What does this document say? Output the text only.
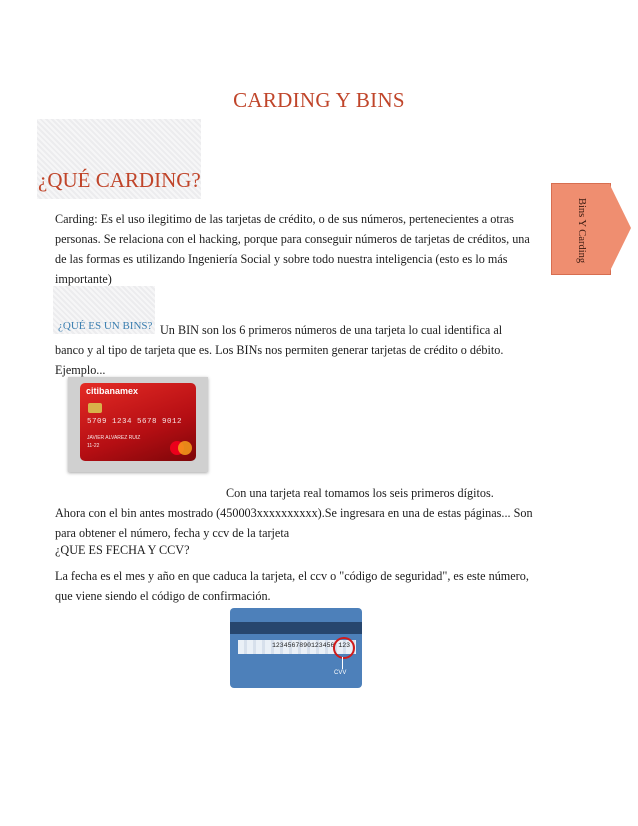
CARDING Y BINS
¿QUÉ CARDING?
Bins Y Carding
Carding: Es el uso ilegitimo de las tarjetas de crédito, o de sus números, pertenecientes a otras personas. Se relaciona con el hacking, porque para conseguir números de tarjetas de créditos, una de las formas es utilizando Ingeniería Social y sobre todo nuestra inteligencia (esto es lo más importante)
¿QUÉ ES UN BINS? Un BIN son los 6 primeros números de una tarjeta lo cual identifica al
banco y al tipo de tarjeta que es. Los BINs nos permiten generar tarjetas de crédito o débito. Ejemplo...
citibanamex
5709 1234 5678 9012
JAVIER ALVAREZ RUIZ
11-22
Con una tarjeta real tomamos los seis primeros dígitos.
Ahora con el bin antes mostrado (450003xxxxxxxxxx).Se ingresara en una de estas páginas... Son para obtener el número, fecha y ccv de la tarjeta
¿QUE ES FECHA Y CCV?
La fecha es el mes y año en que caduca la tarjeta, el ccv o "código de seguridad", es este número, que viene siendo el código de confirmación.
1234567890123456 123
CVV
